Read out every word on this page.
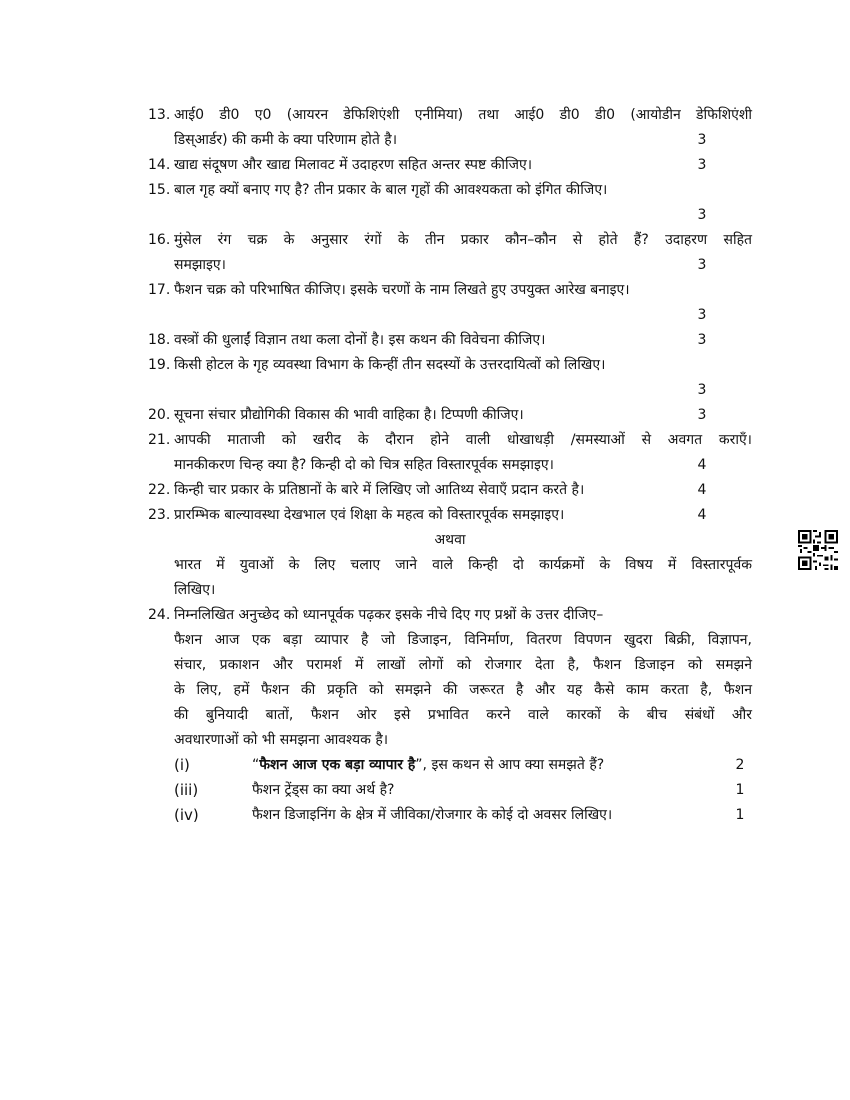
13. आई0 डी0 ए0 (आयरन डेफिशिएंशी एनीमिया) तथा आई0 डी0 डी0 (आयोडीन डेफिशिएंशी
डिस्आर्डर) की कमी के क्या परिणाम होते है।	3
14. खाद्य संदूषण और खाद्य मिलावट में उदाहरण सहित अन्तर स्पष्ट कीजिए।	3
15. बाल गृह क्यों बनाए गए है? तीन प्रकार के बाल गृहों की आवश्यकता को इंगित कीजिए।
3
16. मुंसेल रंग चक्र के अनुसार रंगों के तीन प्रकार कौन–कौन से होते हैं? उदाहरण सहित
समझाइए।	3
17. फैशन चक्र को परिभाषित कीजिए। इसके चरणों के नाम लिखते हुए उपयुक्त आरेख बनाइए।
3
18. वस्त्रों की धुलाईं विज्ञान तथा कला दोनों है। इस कथन की विवेचना कीजिए।	3
19. किसी होटल के गृह व्यवस्था विभाग के किन्हीं तीन सदस्यों के उत्तरदायित्वों को लिखिए।
3
20. सूचना संचार प्रौद्योगिकी विकास की भावी वाहिका है। टिप्पणी कीजिए।	3
21. आपकी माताजी को खरीद के दौरान होने वाली धोखाधड़ी /समस्याओं से अवगत कराएँ।
मानकीकरण चिन्ह क्या है? किन्ही दो को चित्र सहित विस्तारपूर्वक समझाइए।	4
22. किन्ही चार प्रकार के प्रतिष्ठानों के बारे में लिखिए जो आतिथ्य सेवाएँ प्रदान करते है।	4
23. प्रारम्भिक बाल्यावस्था देखभाल एवं शिक्षा के महत्व को विस्तारपूर्वक समझाइए।	4
अथवा
भारत में युवाओं के लिए चलाए जाने वाले किन्ही दो कार्यक्रमों के विषय में विस्तारपूर्वक
लिखिए।
24. निम्नलिखित अनुच्छेद को ध्यानपूर्वक पढ़कर इसके नीचे दिए गए प्रश्नों के उत्तर दीजिए–
फैशन आज एक बड़ा व्यापार है जो डिजाइन, विनिर्माण, वितरण विपणन खुदरा बिक्री, विज्ञापन,
संचार, प्रकाशन और परामर्श में लाखों लोगों को रोजगार देता है, फैशन डिजाइन को समझने
के लिए, हमें फैशन की प्रकृति को समझने की जरूरत है और यह कैसे काम करता है, फैशन
की बुनियादी बातों, फैशन ओर इसे प्रभावित करने वाले कारकों के बीच संबंधों और
अवधारणाओं को भी समझना आवश्यक है।
(i)	“फैशन आज एक बड़ा व्यापार है”, इस कथन से आप क्या समझते हैं?	2
(iii)	फैशन ट्रेंड्स का क्या अर्थ है?	1
(iv)	फैशन डिजाइनिंग के क्षेत्र में जीविका/रोजगार के कोई दो अवसर लिखिए।	1
